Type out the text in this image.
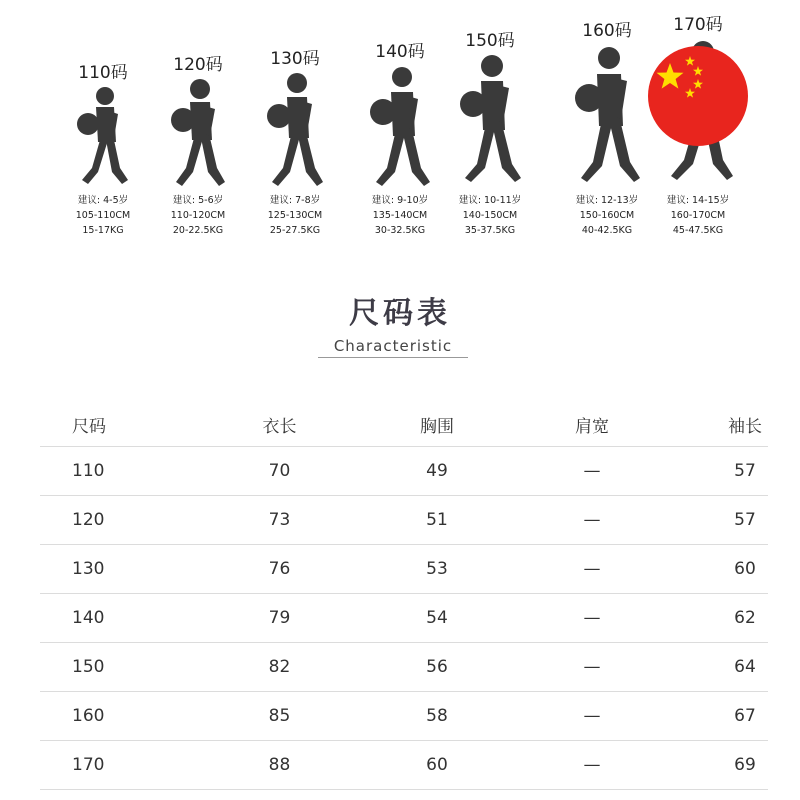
110码
建议: 4-5岁
105-110CM
15-17KG
120码
建议: 5-6岁
110-120CM
20-22.5KG
130码
建议: 7-8岁
125-130CM
25-27.5KG
140码
建议: 9-10岁
135-140CM
30-32.5KG
150码
建议: 10-11岁
140-150CM
35-37.5KG
160码
建议: 12-13岁
150-160CM
40-42.5KG
170码
建议: 14-15岁
160-170CM
45-47.5KG
尺码表
Characteristic
尺码	衣长	胸围	肩宽	袖长
110	70	49	—	57
120	73	51	—	57
130	76	53	—	60
140	79	54	—	62
150	82	56	—	64
160	85	58	—	67
170	88	60	—	69
